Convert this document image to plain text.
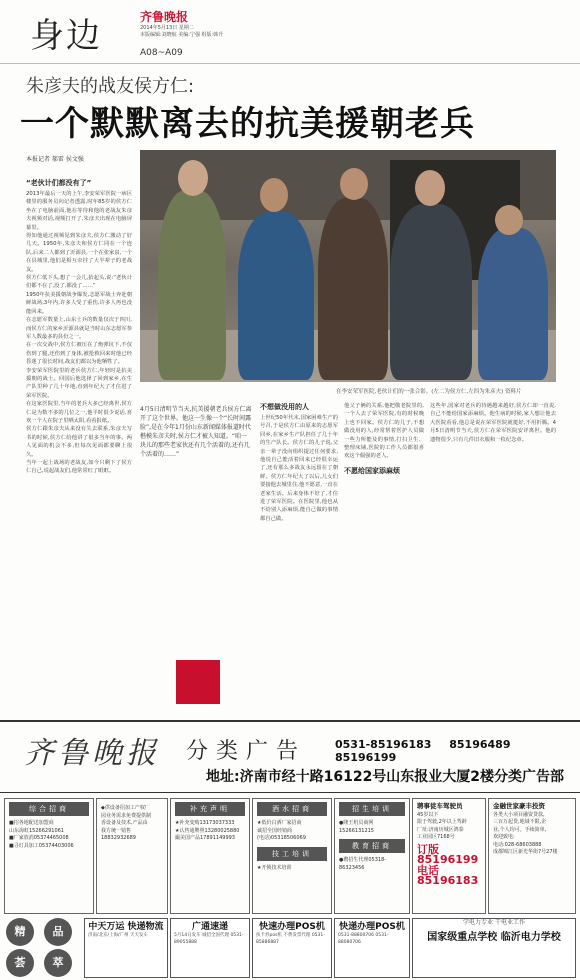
身边	齐鲁晚报
2014年5月13日 星期二
本版编辑:刘晓航 美编:宁强 组版:韩升
A08~A09
朱彦夫的战友侯方仁:
一个默默离去的抗美援朝老兵
本报记者 郝雷 侯文强
“老伙计们都没有了”

2013年最后一天的上午,李安荣军医院一病区楼里的服务员向记者透露,时年85岁的侯方仁坐在了电脑前面,他在等待和他的老战友朱彦夫视频对话,视频打开了,朱彦夫出现在电脑屏幕里。

得知他通过视频见到朱彦夫,侯方仁激动了好几天。1950年,朱彦夫和侯方仁同在一个连队,后来二人都到了沂源县,一个在张家泉,一个在县城里,他们是相互牵挂了大半辈子的老战友。

侯方仁低下头,想了一会儿,抬起头,说:“老伙计们都不在了,没了,都没了……”

1950年抗美援朝战争爆发,志愿军战士奔赴朝鲜战场,3年内,许多人受了重伤,许多人再也没能回来。

在志愿军数量上,山东士兵的数量仅次于四川,而侯方仁的家乡沂源县就是当时山东志愿军参军人数最多的县份之一。

在一次交战中,侯方仁被压在了炮弹坑下,不仅伤到了腿,还伤到了身体,被抢救回来时他已经昏迷了很长时间,战友们都以为他牺牲了。

李安荣军医院里的老兵侯方仁,年轻时是抗美援朝的战士。回国后他选择了回到家乡,在生产队里种了几十年地,直到年纪大了才住进了荣军医院。

在这家医院里,当年的老兵大多已经离世,侯方仁是为数不多的几位之一,他平时很少说话,喜欢一个人在院子里晒太阳,看看报纸。

侯方仁跟朱彦夫从来没有失去联系,朱彦夫写书的时候,侯方仁给他讲了很多当年的事。两人见面的机会不多,但每次见面都要聊上很久。

当年一起上战场的老战友,如今只剩下了侯方仁自己,说起战友们,他常常红了眼眶。

在李安荣军医院,老伙计们的一张合影。(左二为侯方仁,左四为朱彦夫) 资料片
4月5日清明节当天,抗美援朝老兵侯方仁离开了这个世界。他这一生像一个“长时间露脸”,是在今年1月份山东新闻媒体报道时代楷模朱彦夫时,侯方仁才被人知道。“咱一块儿的那些老家伙还有几个活着的,还有几个活着的……”
不想做没用的人
上世纪50年代末,国家困难生产的号召,于是侯方仁由原来的志愿军回乡,在家乡生产队担任了几十年的生产队长。侯方仁的儿子说,父亲一辈子没向组织提过任何要求,他说自己能活着回来已经很幸运了,还有那么多战友永远留在了朝鲜。侯方仁年纪大了以后,儿女们要接他去城里住,他不愿意,一直在老家生活。后来身体不好了,才住进了荣军医院。在医院里,他也从不给别人添麻烦,能自己做的事情都自己做。

他父子俩的关系,他把敬老院里的,一个人去了荣军医院,有的时候晚上也不回家。侯方仁的儿子,不想做没用的人,经常帮着医护人员做一些力所能及的事情,打扫卫生、整理床铺,医院的工作人员都很喜欢这个倔强的老人。

不愿给国家添麻烦

这些年,国家对老兵的待遇越来越好,侯方仁却一直说,自己不能给国家添麻烦。他生病的时候,家人想让他去大医院看看,他总是说在荣军医院就挺好,不用折腾。4月5日清明节当天,侯方仁在荣军医院安详离世。他的遗物很少,只有几件旧衣服和一枚纪念章。
齐鲁晚报 分类广告	0531-85196183 85196489 85196199
地址:济南市经十路16122号山东报业大厦2楼分类广告部
综合招商
■招各地配送加盟商
山东海虹15266291061
■厂家放消05374465008
■寻灯具加工05374403006
◆供设备招加工产权厂
园业务需求免费提供制
香设备及技术,产品由
我方统一销售
18832932689
补充声明
★补充变购13173037333
★认售通牌照13280025880
撮美国产品17891149993
酒水招商
★低价白酒厂家招商
诚招全国经销商
(电话)05318506069
技工培训
★开锁技术培训
招生培训
●隆王机员商网15266131215
教育招商
●聘招生代理05318-86323456
聘事徒车驾驶员
45岁以下
限于驾驶,2年以上驾龄
厂址:济南历城区鸿泰
工业园区7168号
订版 85196199
电话 85196183
金融世家豪丰投资
各类大小项目融资贷款,
三百万起贷,地域不限,企
业,个人均可。手续简单,
欢迎致电:
电话:028-68603888
成都锦江区新光华街7号27楼
精	品
荟	萃
中天万运 快递物流
济南/北京/上海/广州 天天发车
广通速递
5月14日发车 诚招全国代理 0531-89055888
快速办理POS机
扶卡券pos机 不费发票代理 0531-85886887
快递办理POS机
0531-88800706 0531-88080706
学电力专业 干电业工作
国家级重点学校 临沂电力学校
